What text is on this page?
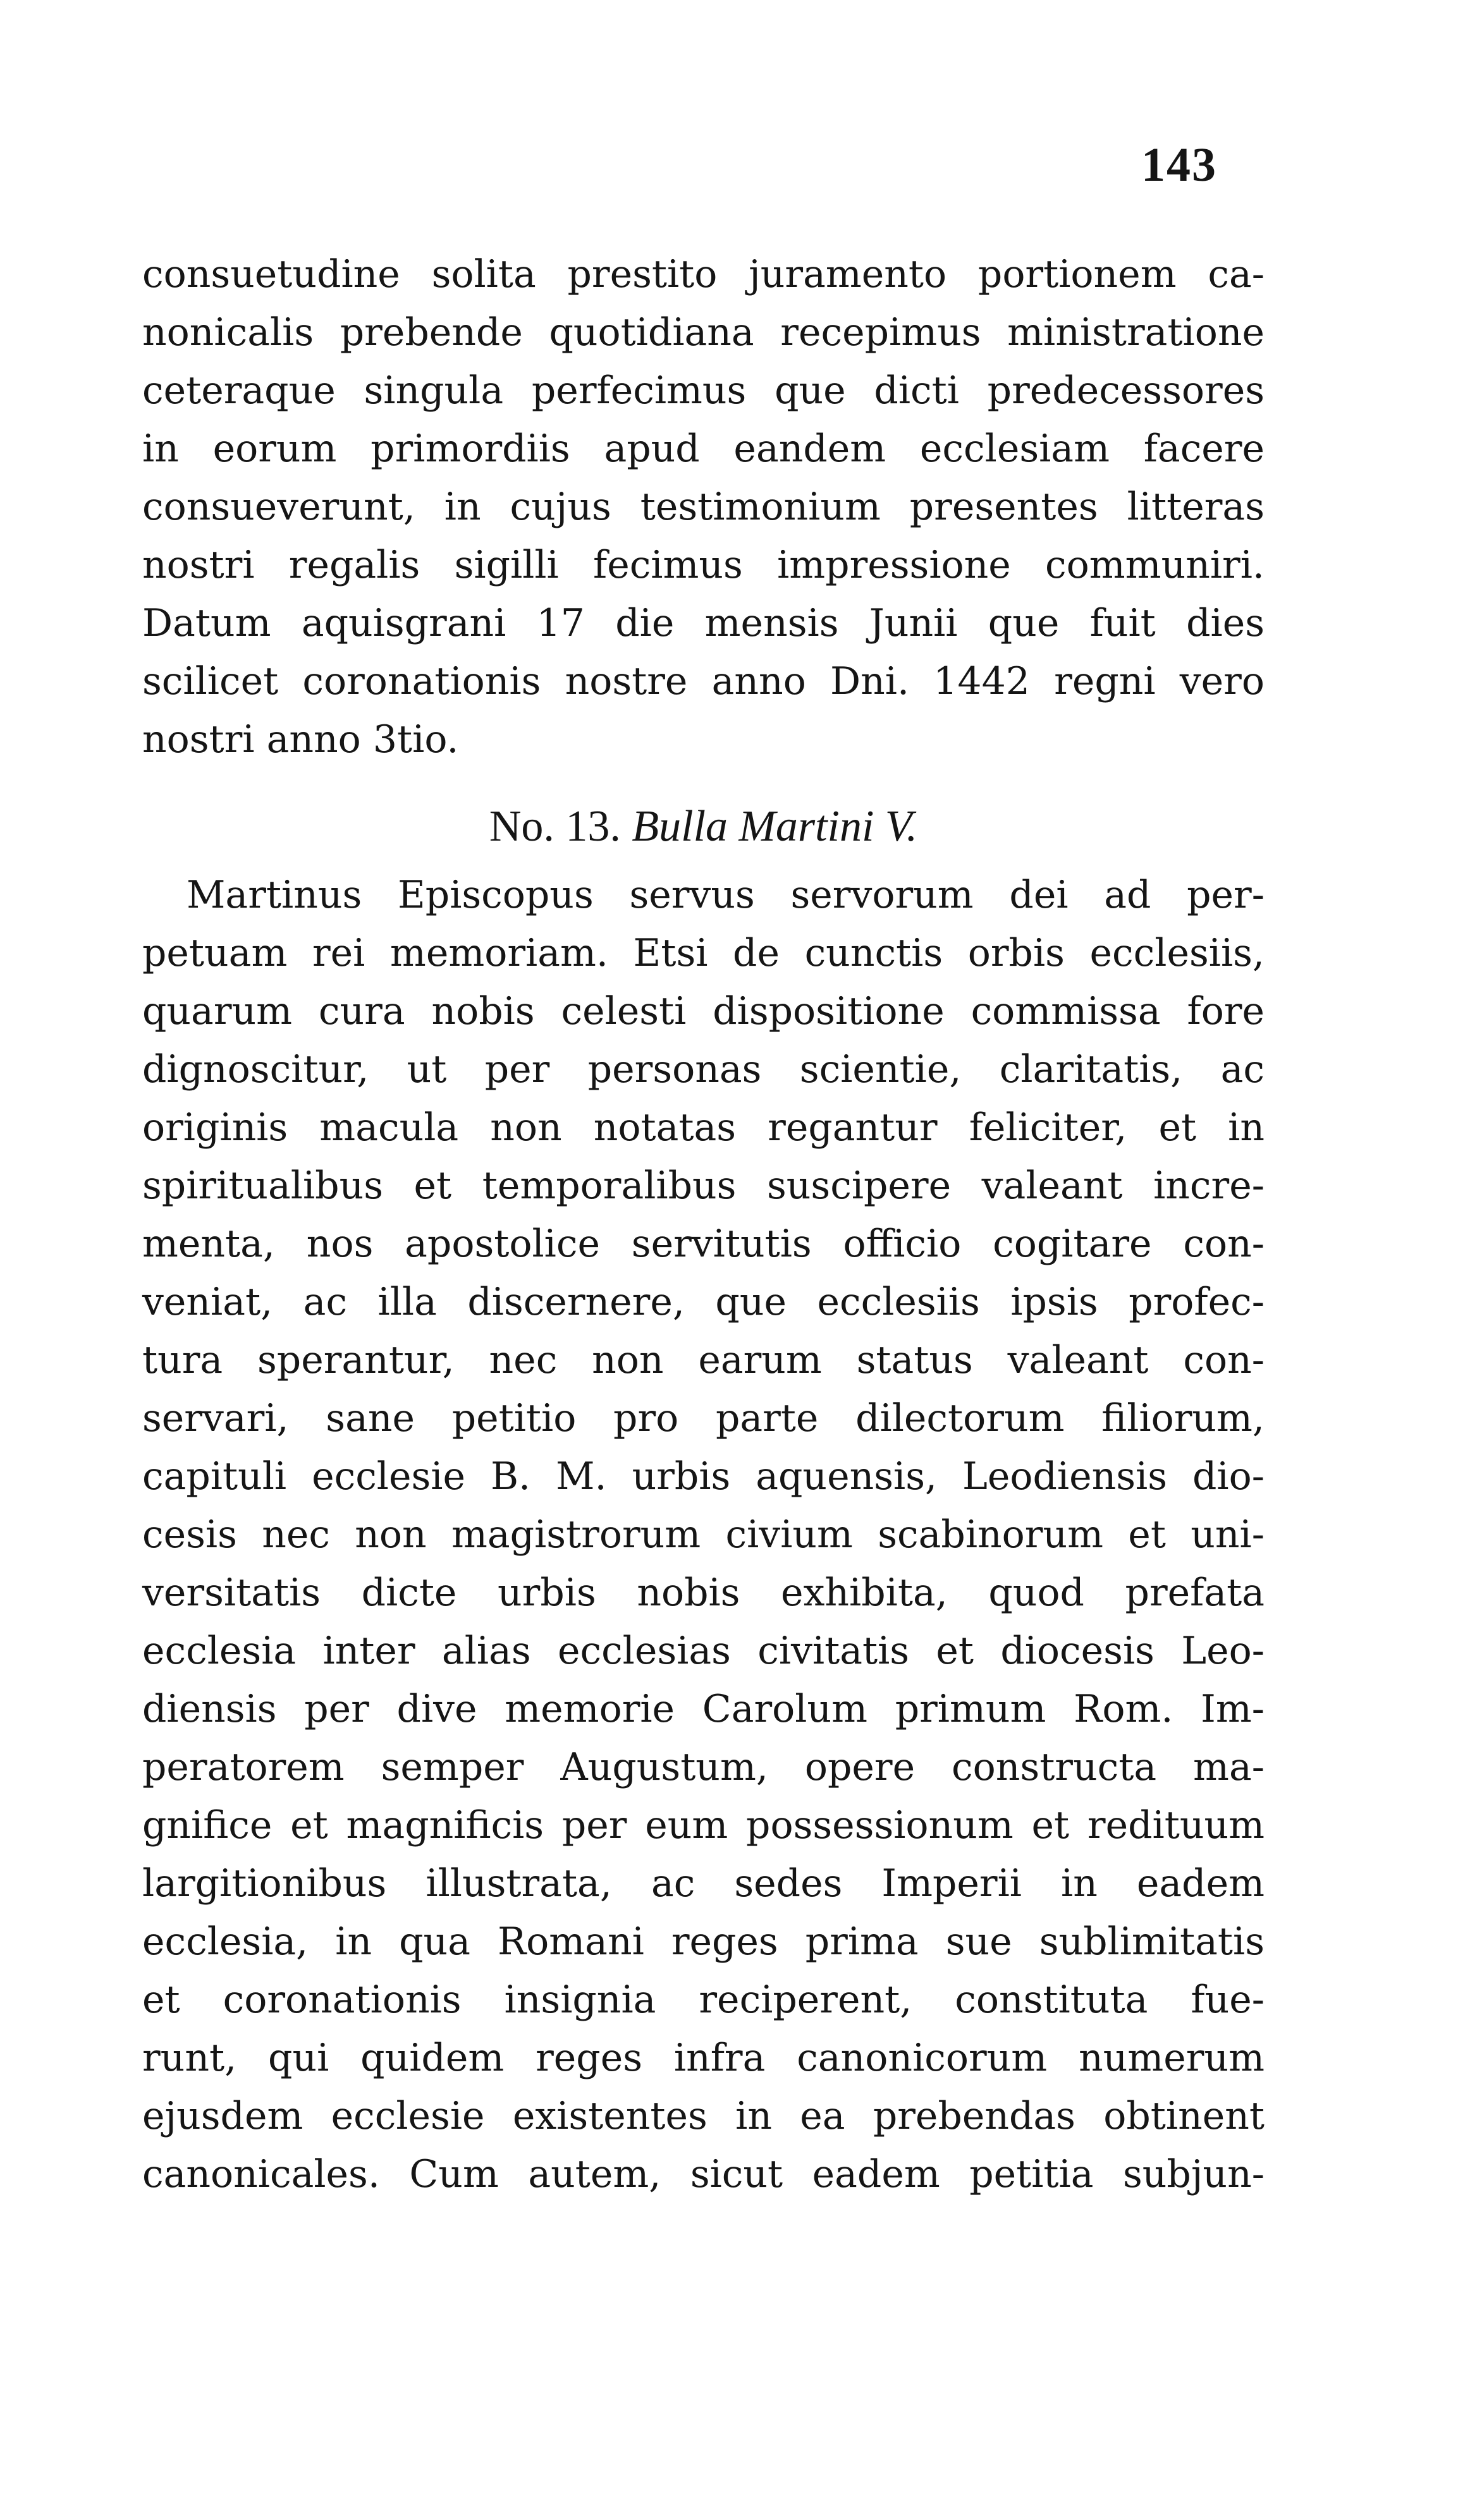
143
consuetudine solita prestito juramento portionem ca-
nonicalis prebende quotidiana recepimus ministratione
ceteraque singula perfecimus que dicti predecessores
in eorum primordiis apud eandem ecclesiam facere
consueverunt, in cujus testimonium presentes litteras
nostri regalis sigilli fecimus impressione communiri.
Datum aquisgrani 17 die mensis Junii que fuit dies
scilicet coronationis nostre anno Dni. 1442 regni vero
nostri anno 3tio.
No. 13. Bulla Martini V.
Martinus Episcopus servus servorum dei ad per-
petuam rei memoriam. Etsi de cunctis orbis ecclesiis,
quarum cura nobis celesti dispositione commissa fore
dignoscitur, ut per personas scientie, claritatis, ac
originis macula non notatas regantur feliciter, et in
spiritualibus et temporalibus suscipere valeant incre-
menta, nos apostolice servitutis officio cogitare con-
veniat, ac illa discernere, que ecclesiis ipsis profec-
tura sperantur, nec non earum status valeant con-
servari, sane petitio pro parte dilectorum filiorum,
capituli ecclesie B. M. urbis aquensis, Leodiensis dio-
cesis nec non magistrorum civium scabinorum et uni-
versitatis dicte urbis nobis exhibita, quod prefata
ecclesia inter alias ecclesias civitatis et diocesis Leo-
diensis per dive memorie Carolum primum Rom. Im-
peratorem semper Augustum, opere constructa ma-
gnifice et magnificis per eum possessionum et redituum
largitionibus illustrata, ac sedes Imperii in eadem
ecclesia, in qua Romani reges prima sue sublimitatis
et coronationis insignia reciperent, constituta fue-
runt, qui quidem reges infra canonicorum numerum
ejusdem ecclesie existentes in ea prebendas obtinent
canonicales. Cum autem, sicut eadem petitia subjun-
